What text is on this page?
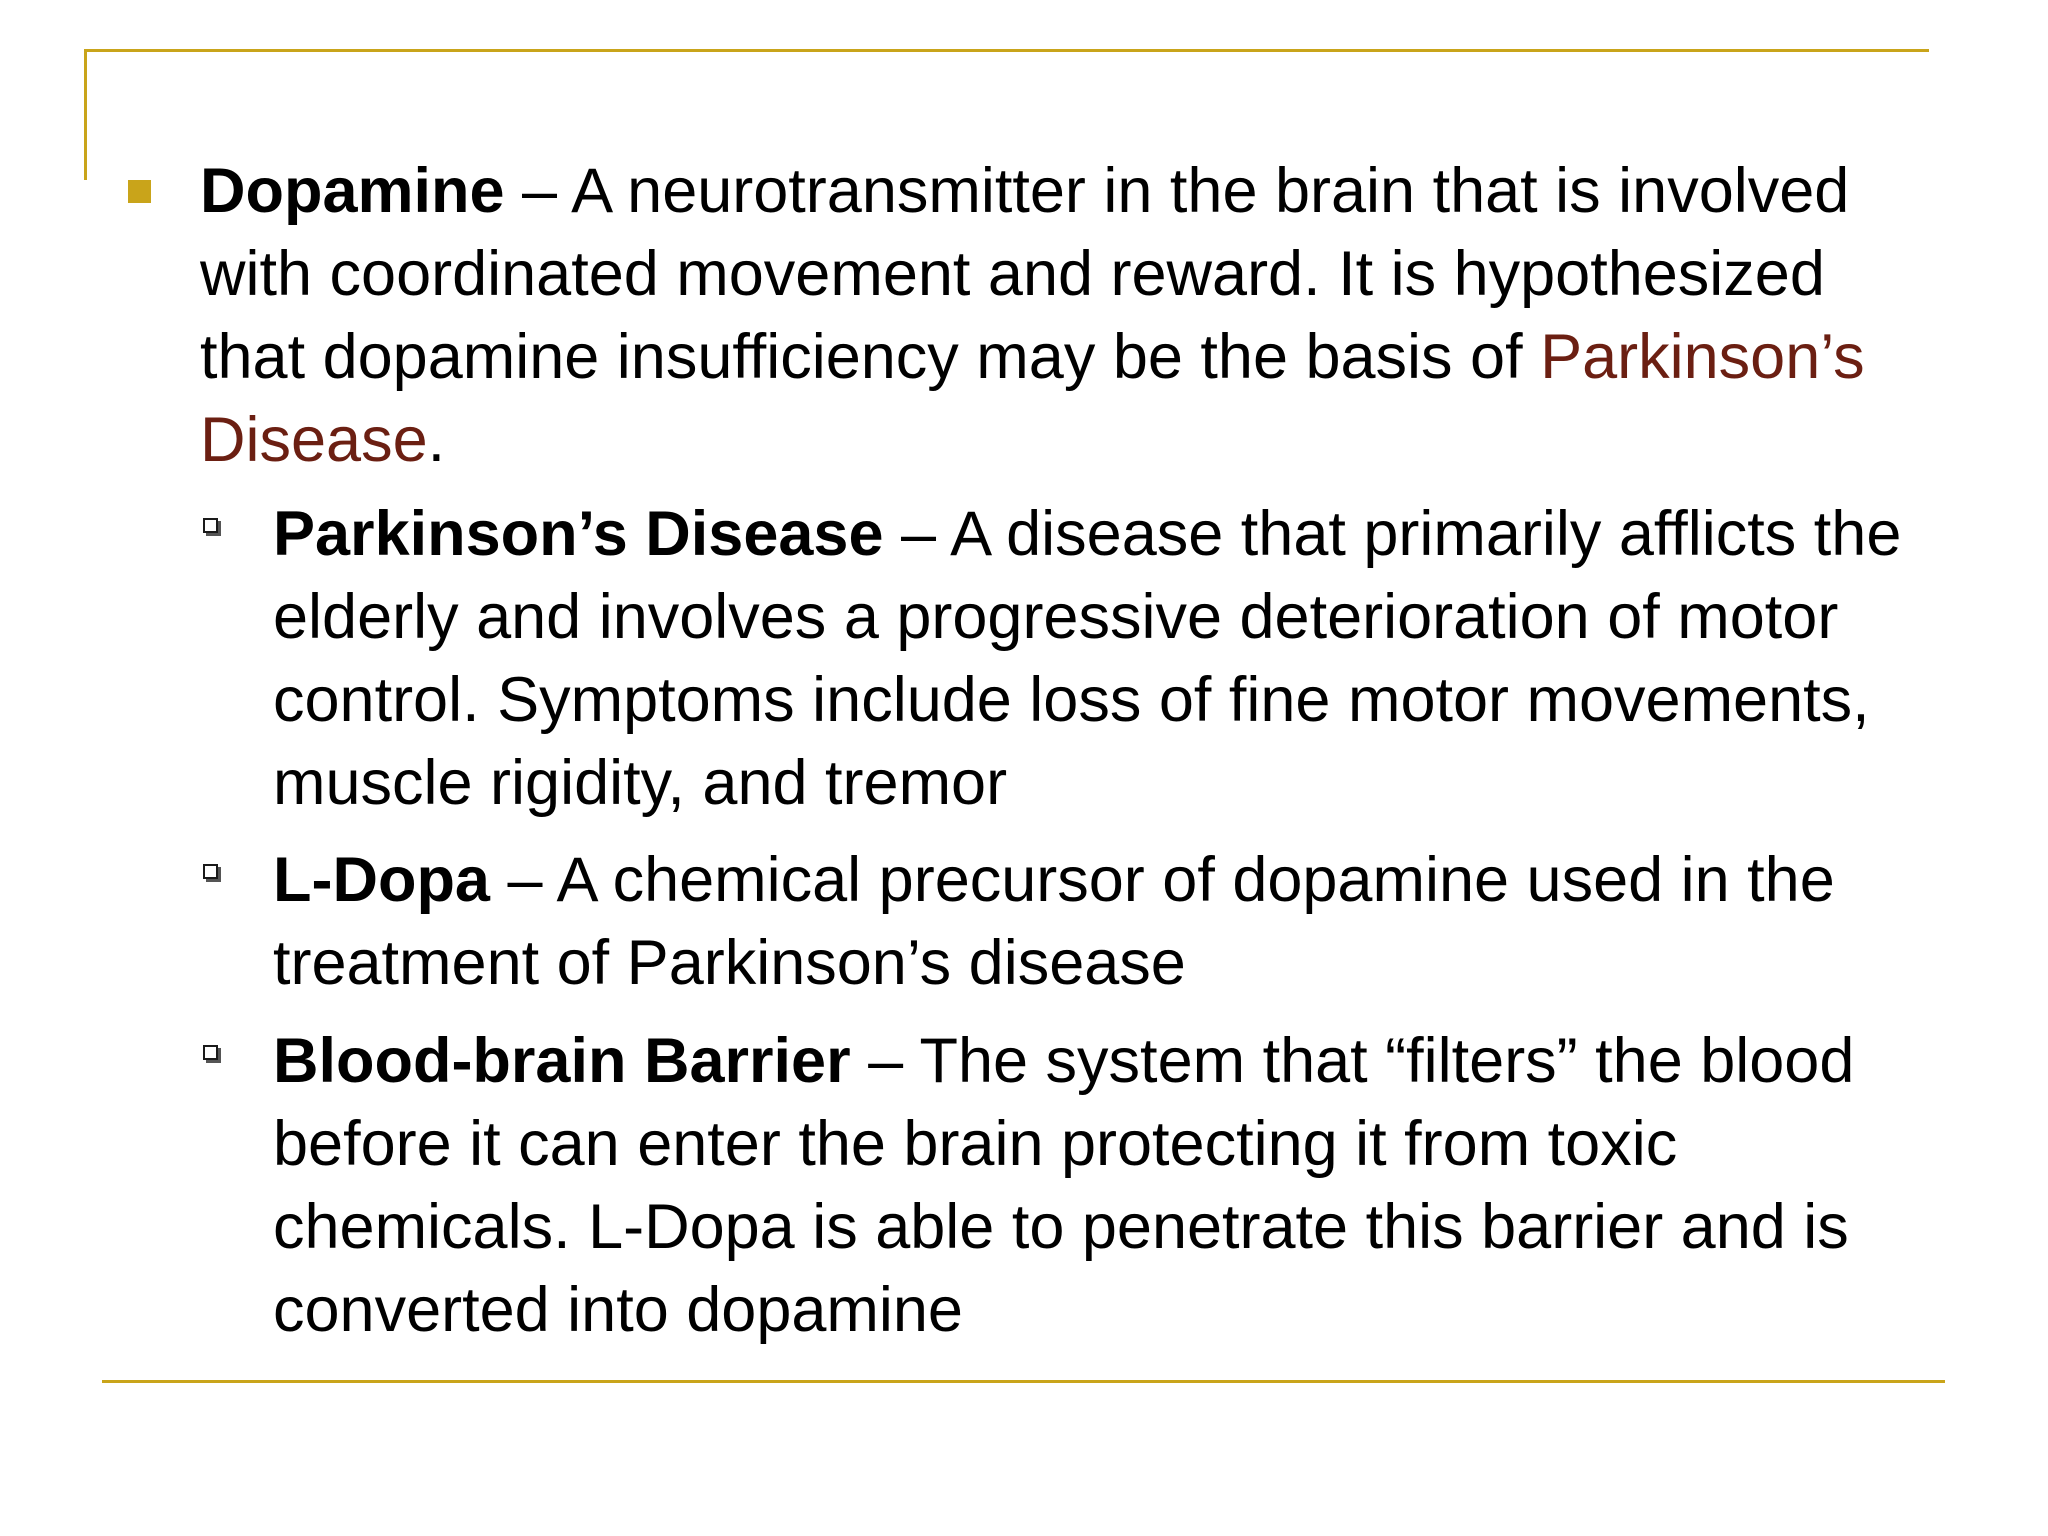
Dopamine – A neurotransmitter in the brain that is involved with coordinated movement and reward. It is hypothesized that dopamine insufficiency may be the basis of Parkinson’s Disease.
Parkinson’s Disease – A disease that primarily afflicts the elderly and involves a progressive deterioration of motor control. Symptoms include loss of fine motor movements, muscle rigidity, and tremor
L-Dopa – A chemical precursor of dopamine used in the treatment of Parkinson’s disease
Blood-brain Barrier – The system that “filters” the blood before it can enter the brain protecting it from toxic chemicals. L-Dopa is able to penetrate this barrier and is converted into dopamine
